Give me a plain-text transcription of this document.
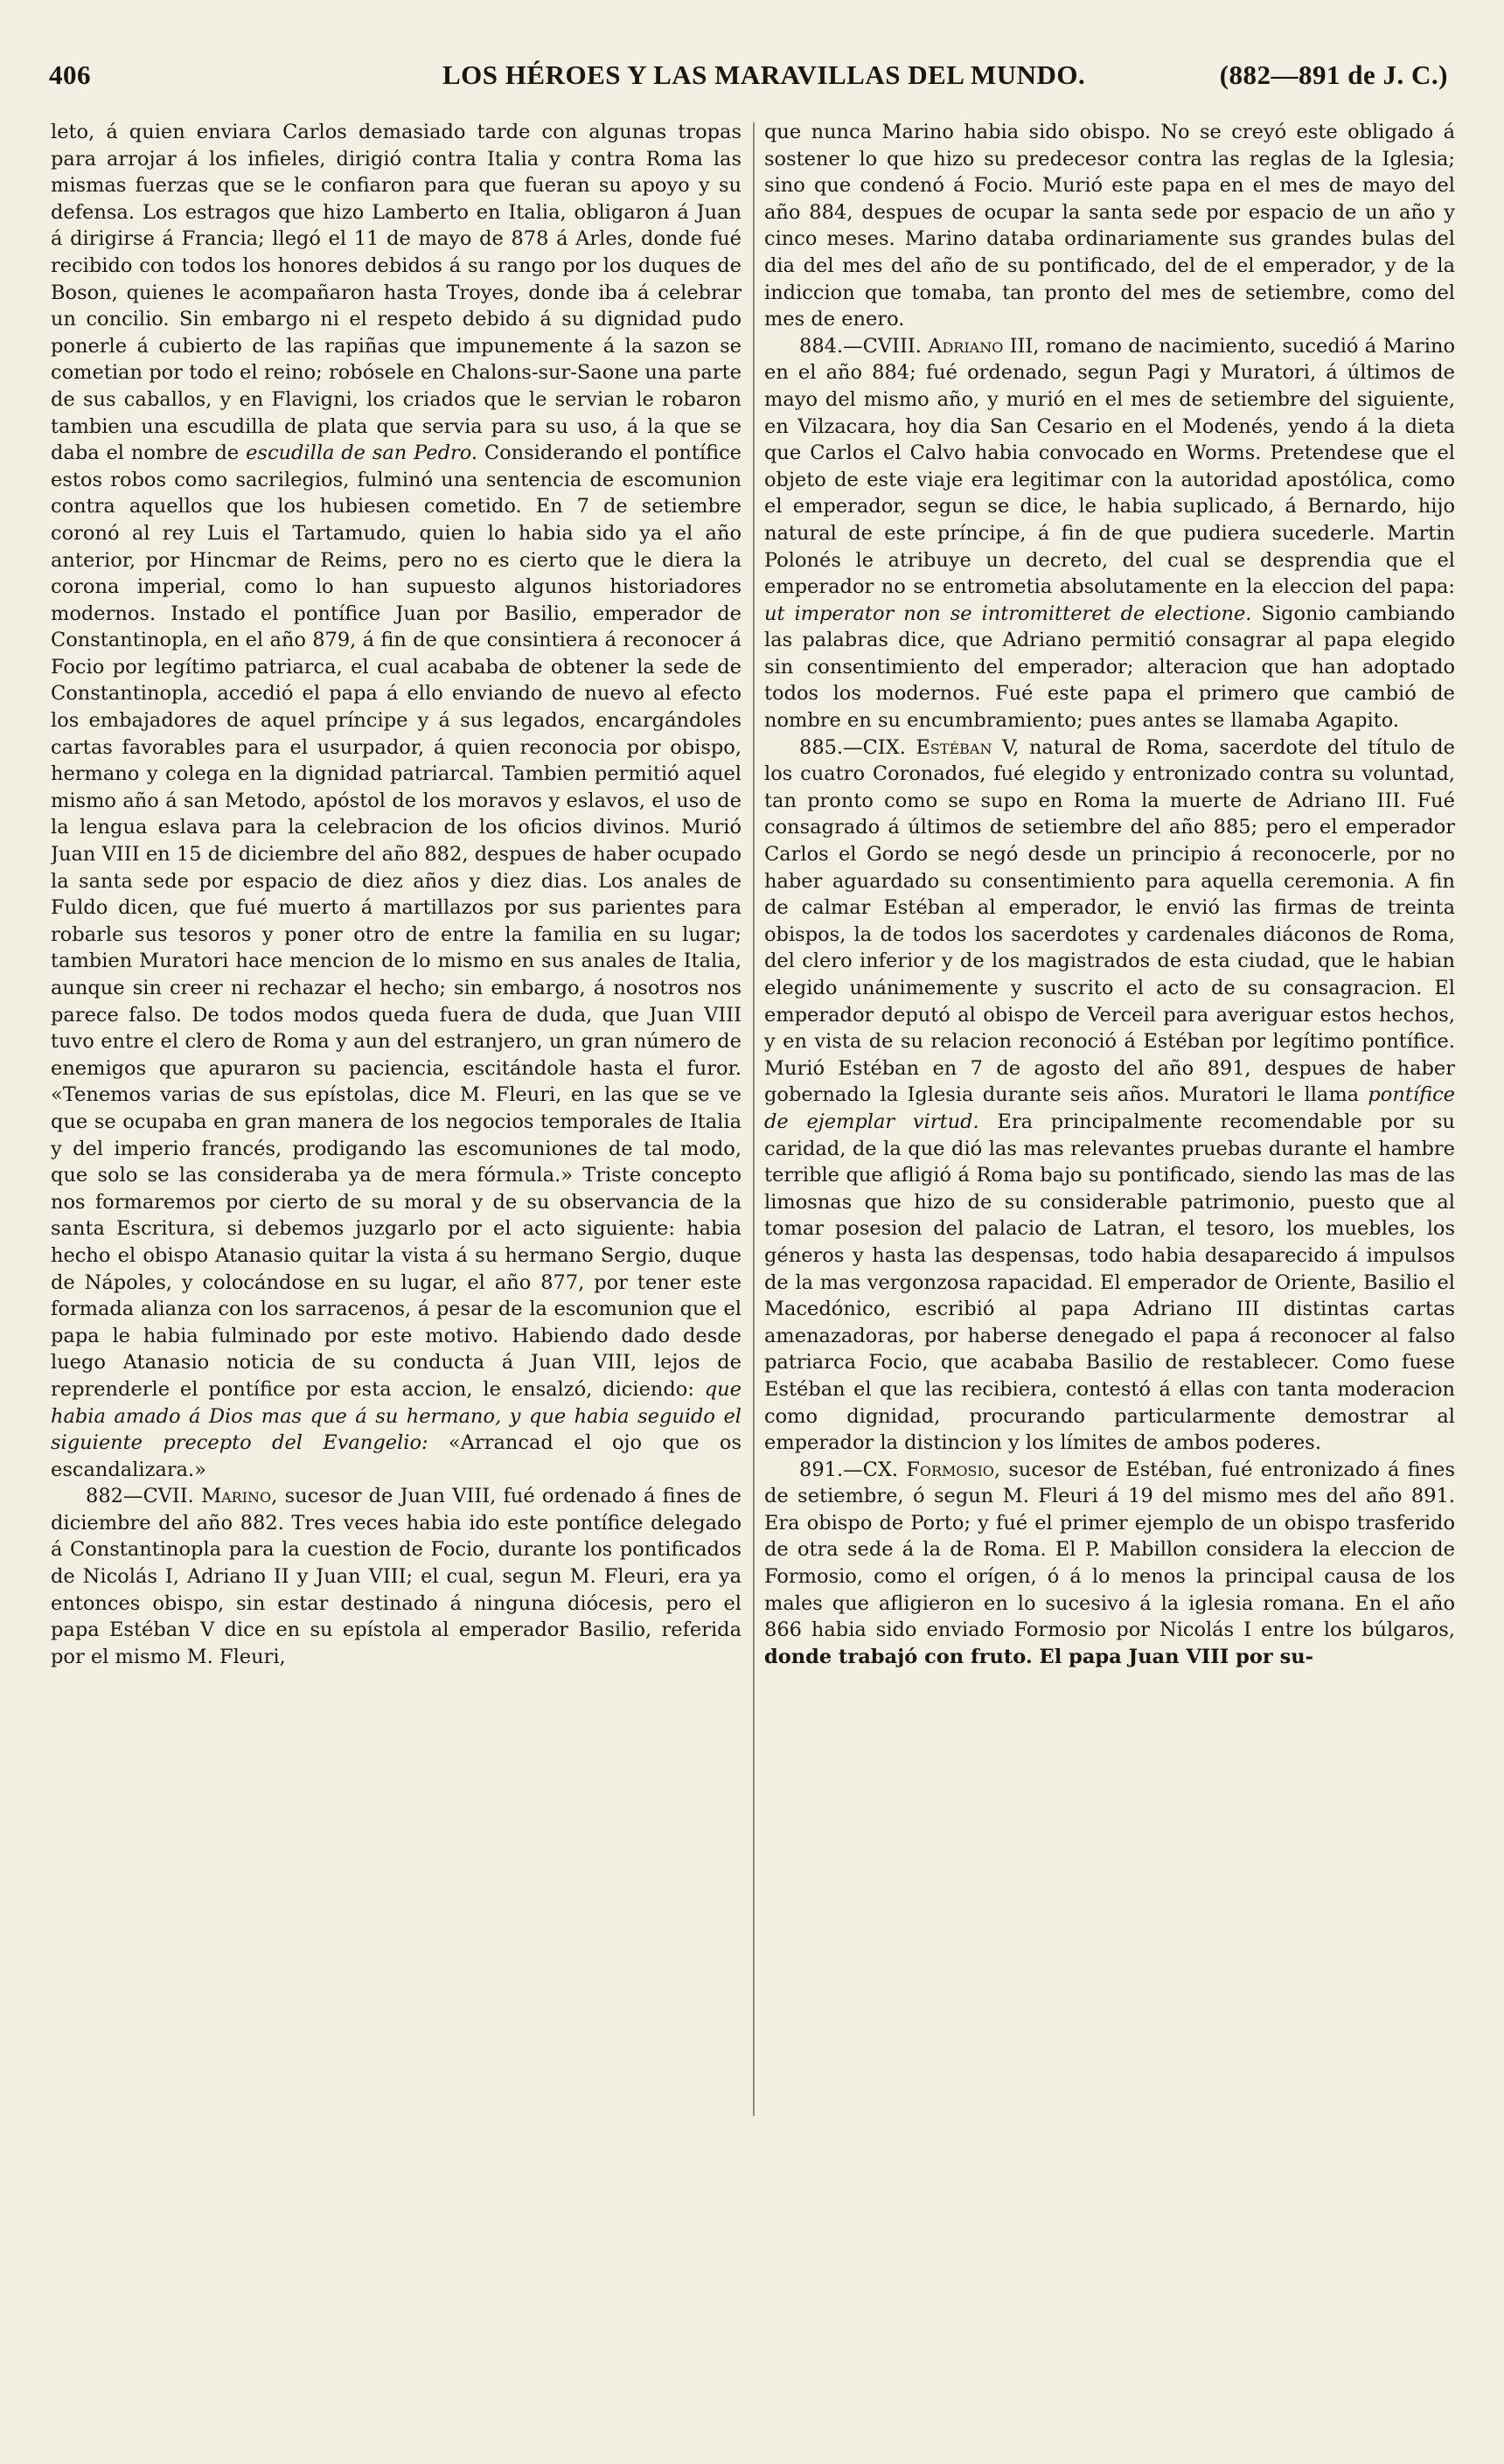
406	LOS HÉROES Y LAS MARAVILLAS DEL MUNDO.	(882—891 de J. C.)

leto, á quien enviara Carlos demasiado tarde con algunas tropas para arrojar á los infieles, dirigió contra Italia y contra Roma las mismas fuerzas que se le confiaron para que fueran su apoyo y su defensa. Los estragos que hizo Lamberto en Italia, obligaron á Juan á dirigirse á Francia; llegó el 11 de mayo de 878 á Arles, donde fué recibido con todos los honores debidos á su rango por los duques de Boson, quienes le acompañaron hasta Troyes, donde iba á celebrar un concilio. Sin embargo ni el respeto debido á su dignidad pudo ponerle á cubierto de las rapiñas que impunemente á la sazon se cometian por todo el reino; robósele en Chalons-sur-Saone una parte de sus caballos, y en Flavigni, los criados que le servian le robaron tambien una escudilla de plata que servia para su uso, á la que se daba el nombre de escudilla de san Pedro. Considerando el pontífice estos robos como sacrilegios, fulminó una sentencia de escomunion contra aquellos que los hubiesen cometido. En 7 de setiembre coronó al rey Luis el Tartamudo, quien lo habia sido ya el año anterior, por Hincmar de Reims, pero no es cierto que le diera la corona imperial, como lo han supuesto algunos historiadores modernos. Instado el pontífice Juan por Basilio, emperador de Constantinopla, en el año 879, á fin de que consintiera á reconocer á Focio por legítimo patriarca, el cual acababa de obtener la sede de Constantinopla, accedió el papa á ello enviando de nuevo al efecto los embajadores de aquel príncipe y á sus legados, encargándoles cartas favorables para el usurpador, á quien reconocia por obispo, hermano y colega en la dignidad patriarcal. Tambien permitió aquel mismo año á san Metodo, apóstol de los moravos y eslavos, el uso de la lengua eslava para la celebracion de los oficios divinos. Murió Juan VIII en 15 de diciembre del año 882, despues de haber ocupado la santa sede por espacio de diez años y diez dias. Los anales de Fuldo dicen, que fué muerto á martillazos por sus parientes para robarle sus tesoros y poner otro de entre la familia en su lugar; tambien Muratori hace mencion de lo mismo en sus anales de Italia, aunque sin creer ni rechazar el hecho; sin embargo, á nosotros nos parece falso. De todos modos queda fuera de duda, que Juan VIII tuvo entre el clero de Roma y aun del estranjero, un gran número de enemigos que apuraron su paciencia, escitándole hasta el furor. «Tenemos varias de sus epístolas, dice M. Fleuri, en las que se ve que se ocupaba en gran manera de los negocios temporales de Italia y del imperio francés, prodigando las escomuniones de tal modo, que solo se las consideraba ya de mera fórmula.» Triste concepto nos formaremos por cierto de su moral y de su observancia de la santa Escritura, si debemos juzgarlo por el acto siguiente: habia hecho el obispo Atanasio quitar la vista á su hermano Sergio, duque de Nápoles, y colocándose en su lugar, el año 877, por tener este formada alianza con los sarracenos, á pesar de la escomunion que el papa le habia fulminado por este motivo. Habiendo dado desde luego Atanasio noticia de su conducta á Juan VIII, lejos de reprenderle el pontífice por esta accion, le ensalzó, diciendo: que habia amado á Dios mas que á su hermano, y que habia seguido el siguiente precepto del Evangelio: «Arrancad el ojo que os escandalizara.»

882—CVII. Marino, sucesor de Juan VIII, fué ordenado á fines de diciembre del año 882. Tres veces habia ido este pontífice delegado á Constantinopla para la cuestion de Focio, durante los pontificados de Nicolás I, Adriano II y Juan VIII; el cual, segun M. Fleuri, era ya entonces obispo, sin estar destinado á ninguna diócesis, pero el papa Estéban V dice en su epístola al emperador Basilio, referida por el mismo M. Fleuri,

que nunca Marino habia sido obispo. No se creyó este obligado á sostener lo que hizo su predecesor contra las reglas de la Iglesia; sino que condenó á Focio. Murió este papa en el mes de mayo del año 884, despues de ocupar la santa sede por espacio de un año y cinco meses. Marino databa ordinariamente sus grandes bulas del dia del mes del año de su pontificado, del de el emperador, y de la indiccion que tomaba, tan pronto del mes de setiembre, como del mes de enero.

884.—CVIII. Adriano III, romano de nacimiento, sucedió á Marino en el año 884; fué ordenado, segun Pagi y Muratori, á últimos de mayo del mismo año, y murió en el mes de setiembre del siguiente, en Vilzacara, hoy dia San Cesario en el Modenés, yendo á la dieta que Carlos el Calvo habia convocado en Worms. Pretendese que el objeto de este viaje era legitimar con la autoridad apostólica, como el emperador, segun se dice, le habia suplicado, á Bernardo, hijo natural de este príncipe, á fin de que pudiera sucederle. Martin Polonés le atribuye un decreto, del cual se desprendia que el emperador no se entrometia absolutamente en la eleccion del papa: ut imperator non se intromitteret de electione. Sigonio cambiando las palabras dice, que Adriano permitió consagrar al papa elegido sin consentimiento del emperador; alteracion que han adoptado todos los modernos. Fué este papa el primero que cambió de nombre en su encumbramiento; pues antes se llamaba Agapito.

885.—CIX. Estéban V, natural de Roma, sacerdote del título de los cuatro Coronados, fué elegido y entronizado contra su voluntad, tan pronto como se supo en Roma la muerte de Adriano III. Fué consagrado á últimos de setiembre del año 885; pero el emperador Carlos el Gordo se negó desde un principio á reconocerle, por no haber aguardado su consentimiento para aquella ceremonia. A fin de calmar Estéban al emperador, le envió las firmas de treinta obispos, la de todos los sacerdotes y cardenales diáconos de Roma, del clero inferior y de los magistrados de esta ciudad, que le habian elegido unánimemente y suscrito el acto de su consagracion. El emperador deputó al obispo de Verceil para averiguar estos hechos, y en vista de su relacion reconoció á Estéban por legítimo pontífice. Murió Estéban en 7 de agosto del año 891, despues de haber gobernado la Iglesia durante seis años. Muratori le llama pontífice de ejemplar virtud. Era principalmente recomendable por su caridad, de la que dió las mas relevantes pruebas durante el hambre terrible que afligió á Roma bajo su pontificado, siendo las mas de las limosnas que hizo de su considerable patrimonio, puesto que al tomar posesion del palacio de Latran, el tesoro, los muebles, los géneros y hasta las despensas, todo habia desaparecido á impulsos de la mas vergonzosa rapacidad. El emperador de Oriente, Basilio el Macedónico, escribió al papa Adriano III distintas cartas amenazadoras, por haberse denegado el papa á reconocer al falso patriarca Focio, que acababa Basilio de restablecer. Como fuese Estéban el que las recibiera, contestó á ellas con tanta moderacion como dignidad, procurando particularmente demostrar al emperador la distincion y los límites de ambos poderes.

891.—CX. Formosio, sucesor de Estéban, fué entronizado á fines de setiembre, ó segun M. Fleuri á 19 del mismo mes del año 891. Era obispo de Porto; y fué el primer ejemplo de un obispo trasferido de otra sede á la de Roma. El P. Mabillon considera la eleccion de Formosio, como el orígen, ó á lo menos la principal causa de los males que afligieron en lo sucesivo á la iglesia romana. En el año 866 habia sido enviado Formosio por Nicolás I entre los búlgaros, donde trabajó con fruto. El papa Juan VIII por su-
